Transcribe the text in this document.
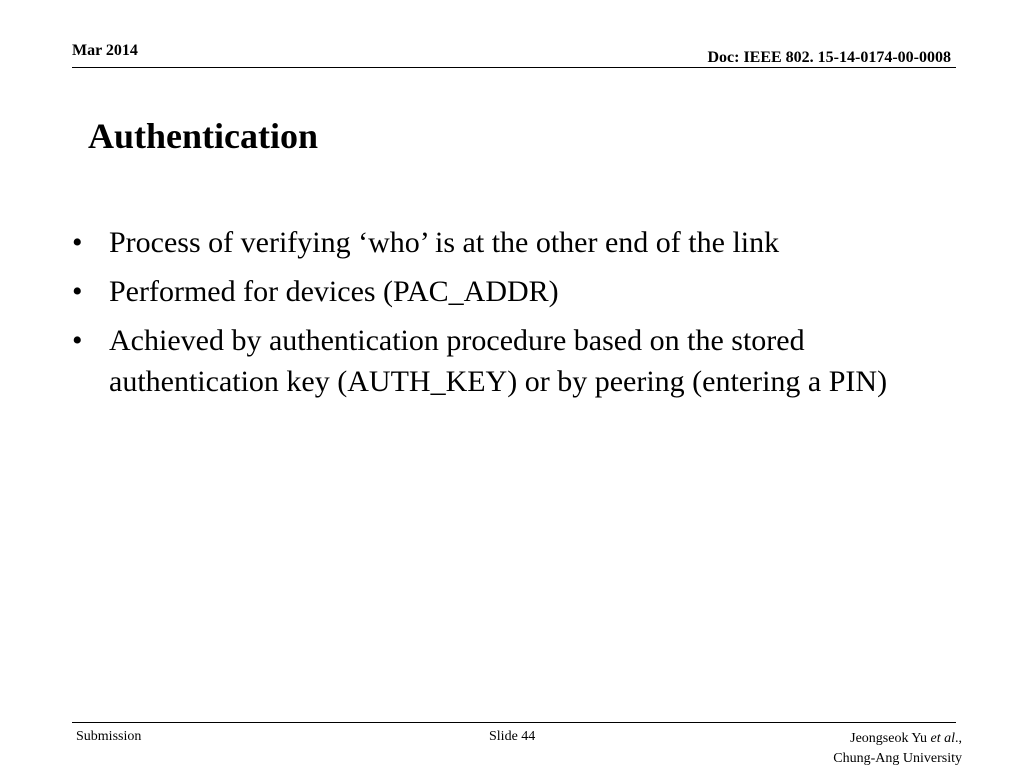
Mar 2014	Doc: IEEE 802. 15-14-0174-00-0008
Authentication
• Process of verifying ‘who’ is at the other end of the link
• Performed for devices (PAC_ADDR)
• Achieved by authentication procedure based on the stored authentication key (AUTH_KEY) or by peering (entering a PIN)
Submission	Slide 44	Jeongseok Yu et al.,
Chung-Ang University
